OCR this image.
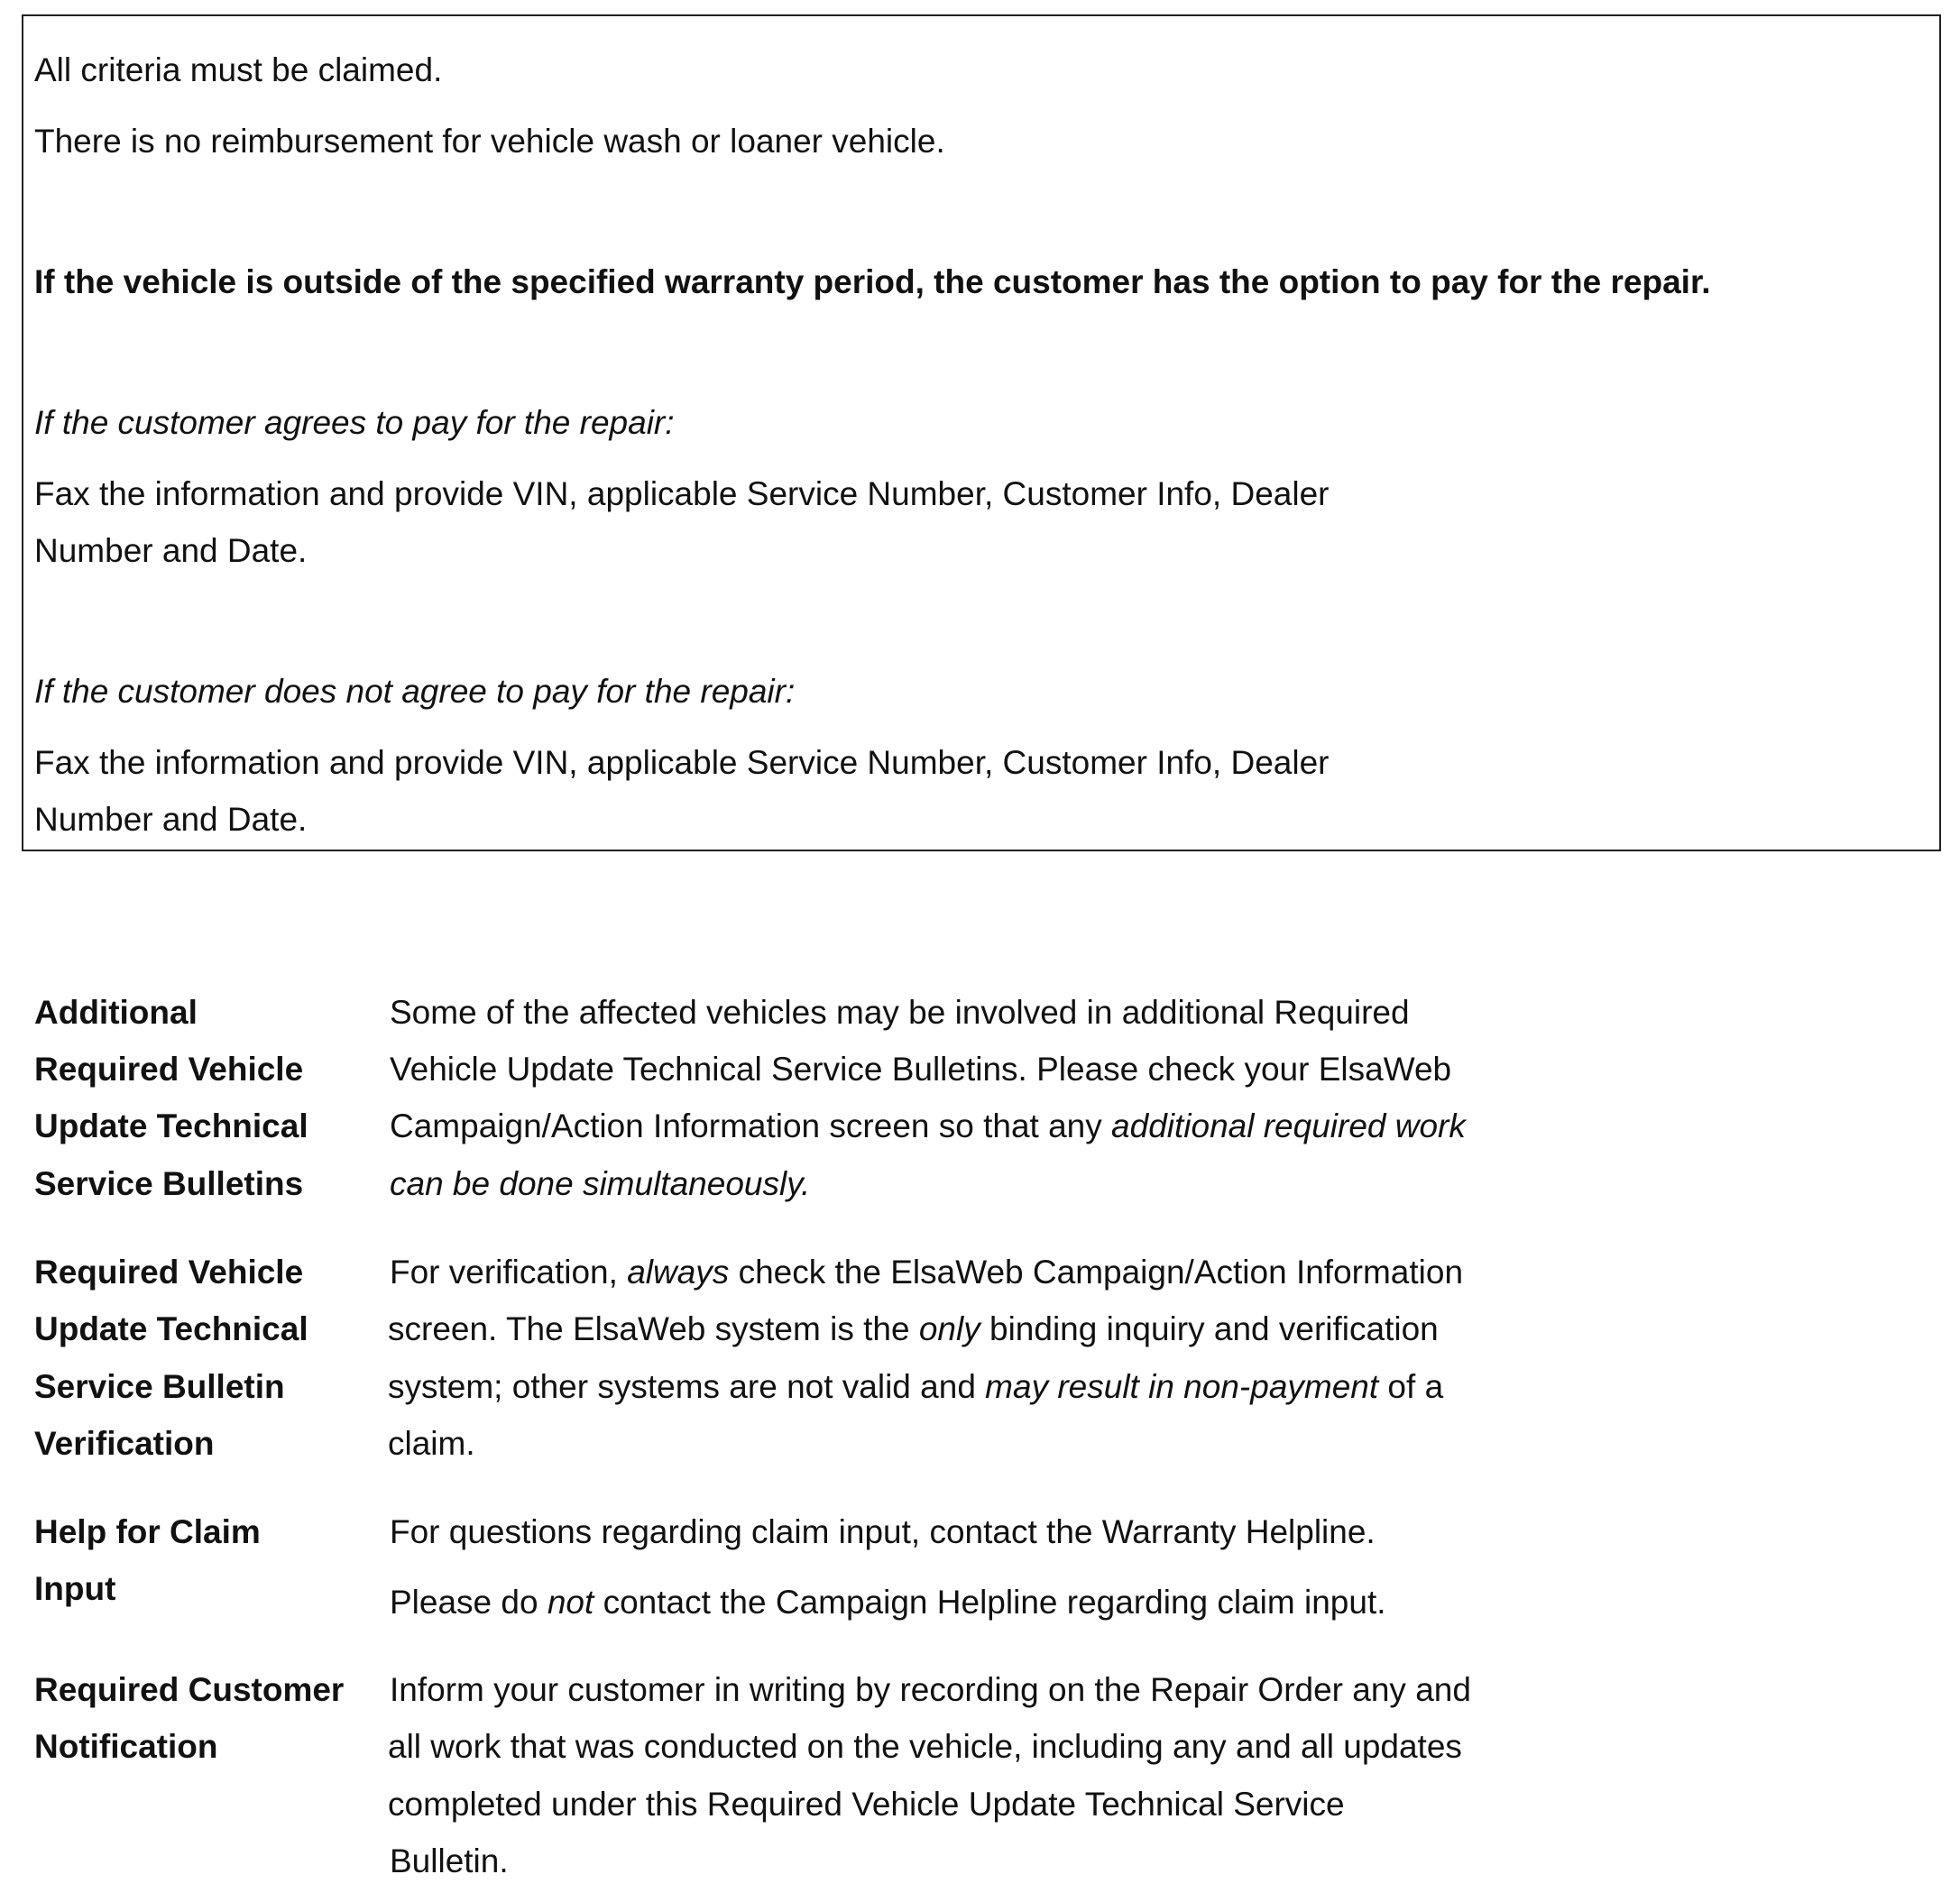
All criteria must be claimed.
There is no reimbursement for vehicle wash or loaner vehicle.
If the vehicle is outside of the specified warranty period, the customer has the option to pay for the repair.
If the customer agrees to pay for the repair:
Fax the information and provide VIN, applicable Service Number, Customer Info, Dealer
Number and Date.
If the customer does not agree to pay for the repair:
Fax the information and provide VIN, applicable Service Number, Customer Info, Dealer
Number and Date.
Additional
Required Vehicle
Update Technical
Service Bulletins
Some of the affected vehicles may be involved in additional Required
Vehicle Update Technical Service Bulletins. Please check your ElsaWeb
Campaign/Action Information screen so that any additional required work
can be done simultaneously.
Required Vehicle
Update Technical
Service Bulletin
Verification
For verification, always check the ElsaWeb Campaign/Action Information
screen. The ElsaWeb system is the only binding inquiry and verification
system; other systems are not valid and may result in non-payment of a
claim.
Help for Claim
Input
For questions regarding claim input, contact the Warranty Helpline.
Please do not contact the Campaign Helpline regarding claim input.
Required Customer
Notification
Inform your customer in writing by recording on the Repair Order any and
all work that was conducted on the vehicle, including any and all updates
completed under this Required Vehicle Update Technical Service
Bulletin.
